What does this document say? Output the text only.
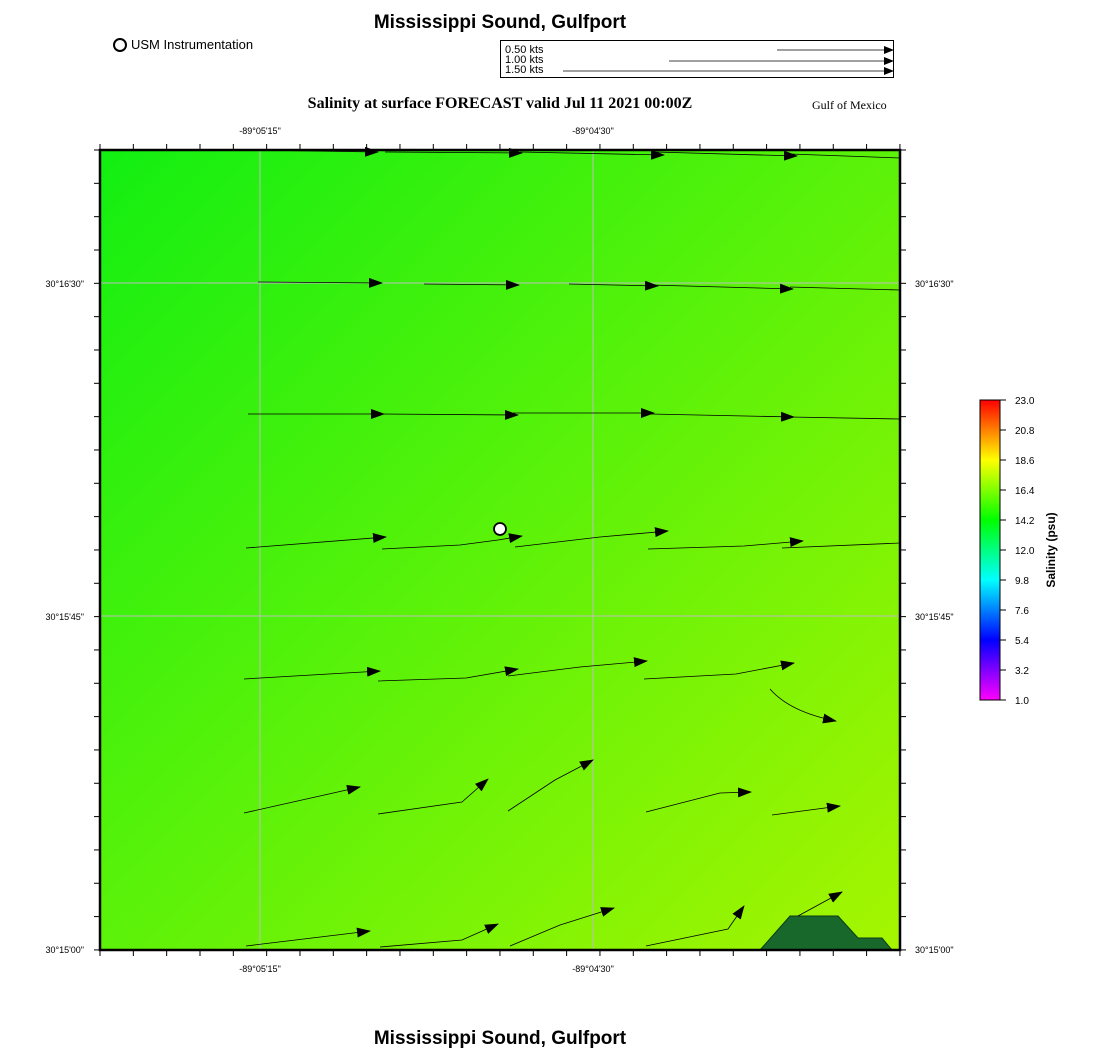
Mississippi Sound, Gulfport
USM Instrumentation	0.50 kts
1.00 kts
1.50 kts
Salinity at surface FORECAST valid Jul 11 2021 00:00Z	Gulf of Mexico
-89°05'15"	-89°04'30"
-89°05'15"	-89°04'30"
30°16'30"
30°15'45"
30°15'00"
30°16'30"
30°15'45"
30°15'00"
23.0
20.8
18.6
16.4
14.2
12.0
9.8
7.6
5.4
3.2
1.0
Salinity (psu)
Mississippi Sound, Gulfport
